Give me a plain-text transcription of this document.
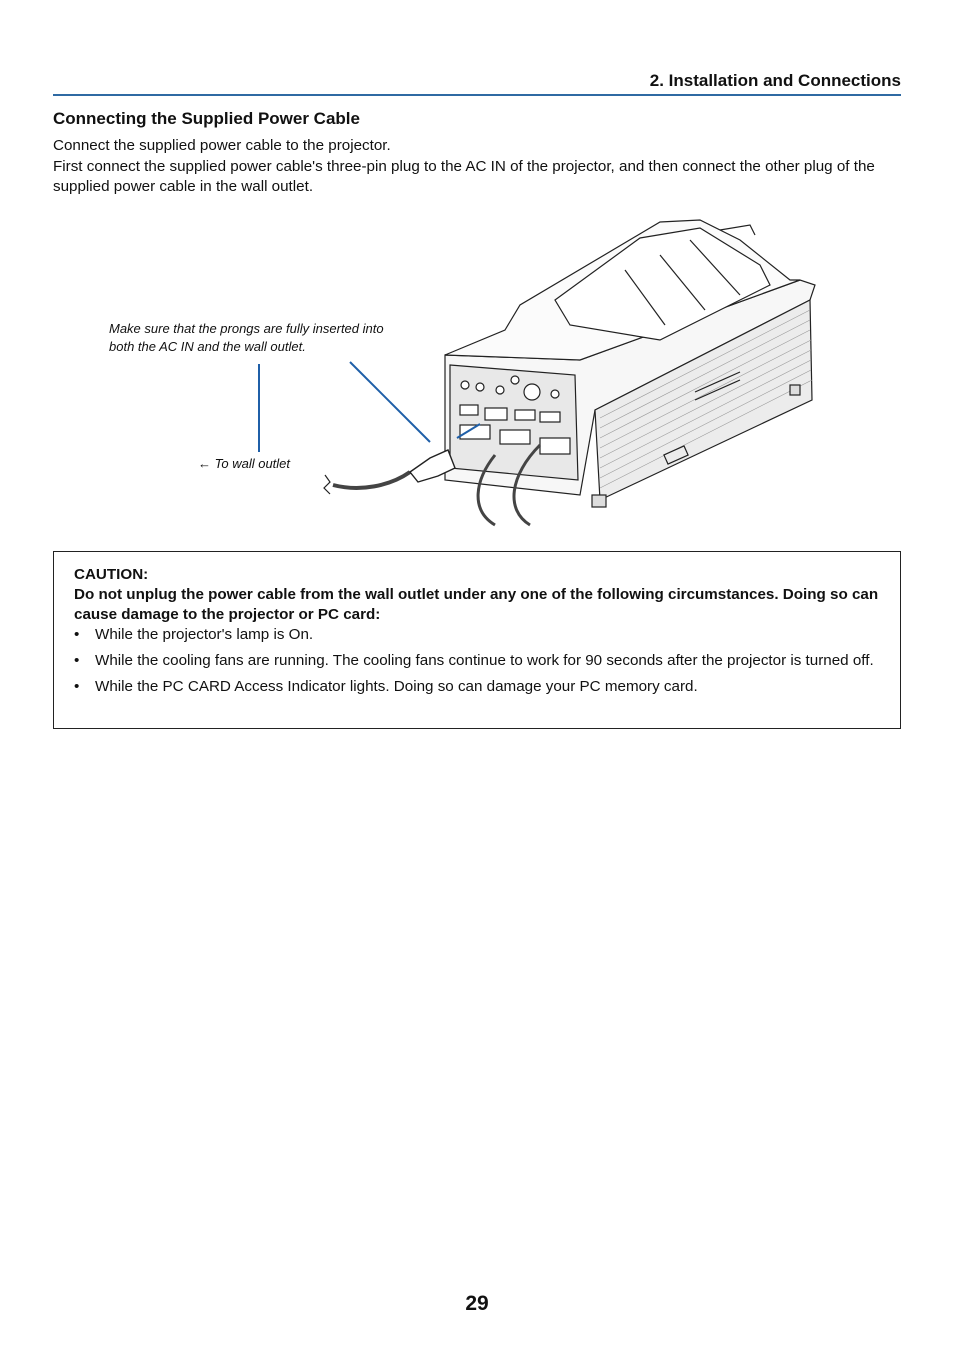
2. Installation and Connections
Connecting the Supplied Power Cable

Connect the supplied power cable to the projector.

First connect the supplied power cable's three-pin plug to the AC IN of the projector, and then connect the other plug of the supplied power cable in the wall outlet.

Make sure that the prongs are fully inserted into both the AC IN and the wall outlet.
← To wall outlet

CAUTION:

Do not unplug the power cable from the wall outlet under any one of the following circumstances. Doing so can cause damage to the projector or PC card:

• While the projector's lamp is On.
• While the cooling fans are running. The cooling fans continue to work for 90 seconds after the projector is turned off.
• While the PC CARD Access Indicator lights. Doing so can damage your PC memory card.
29
